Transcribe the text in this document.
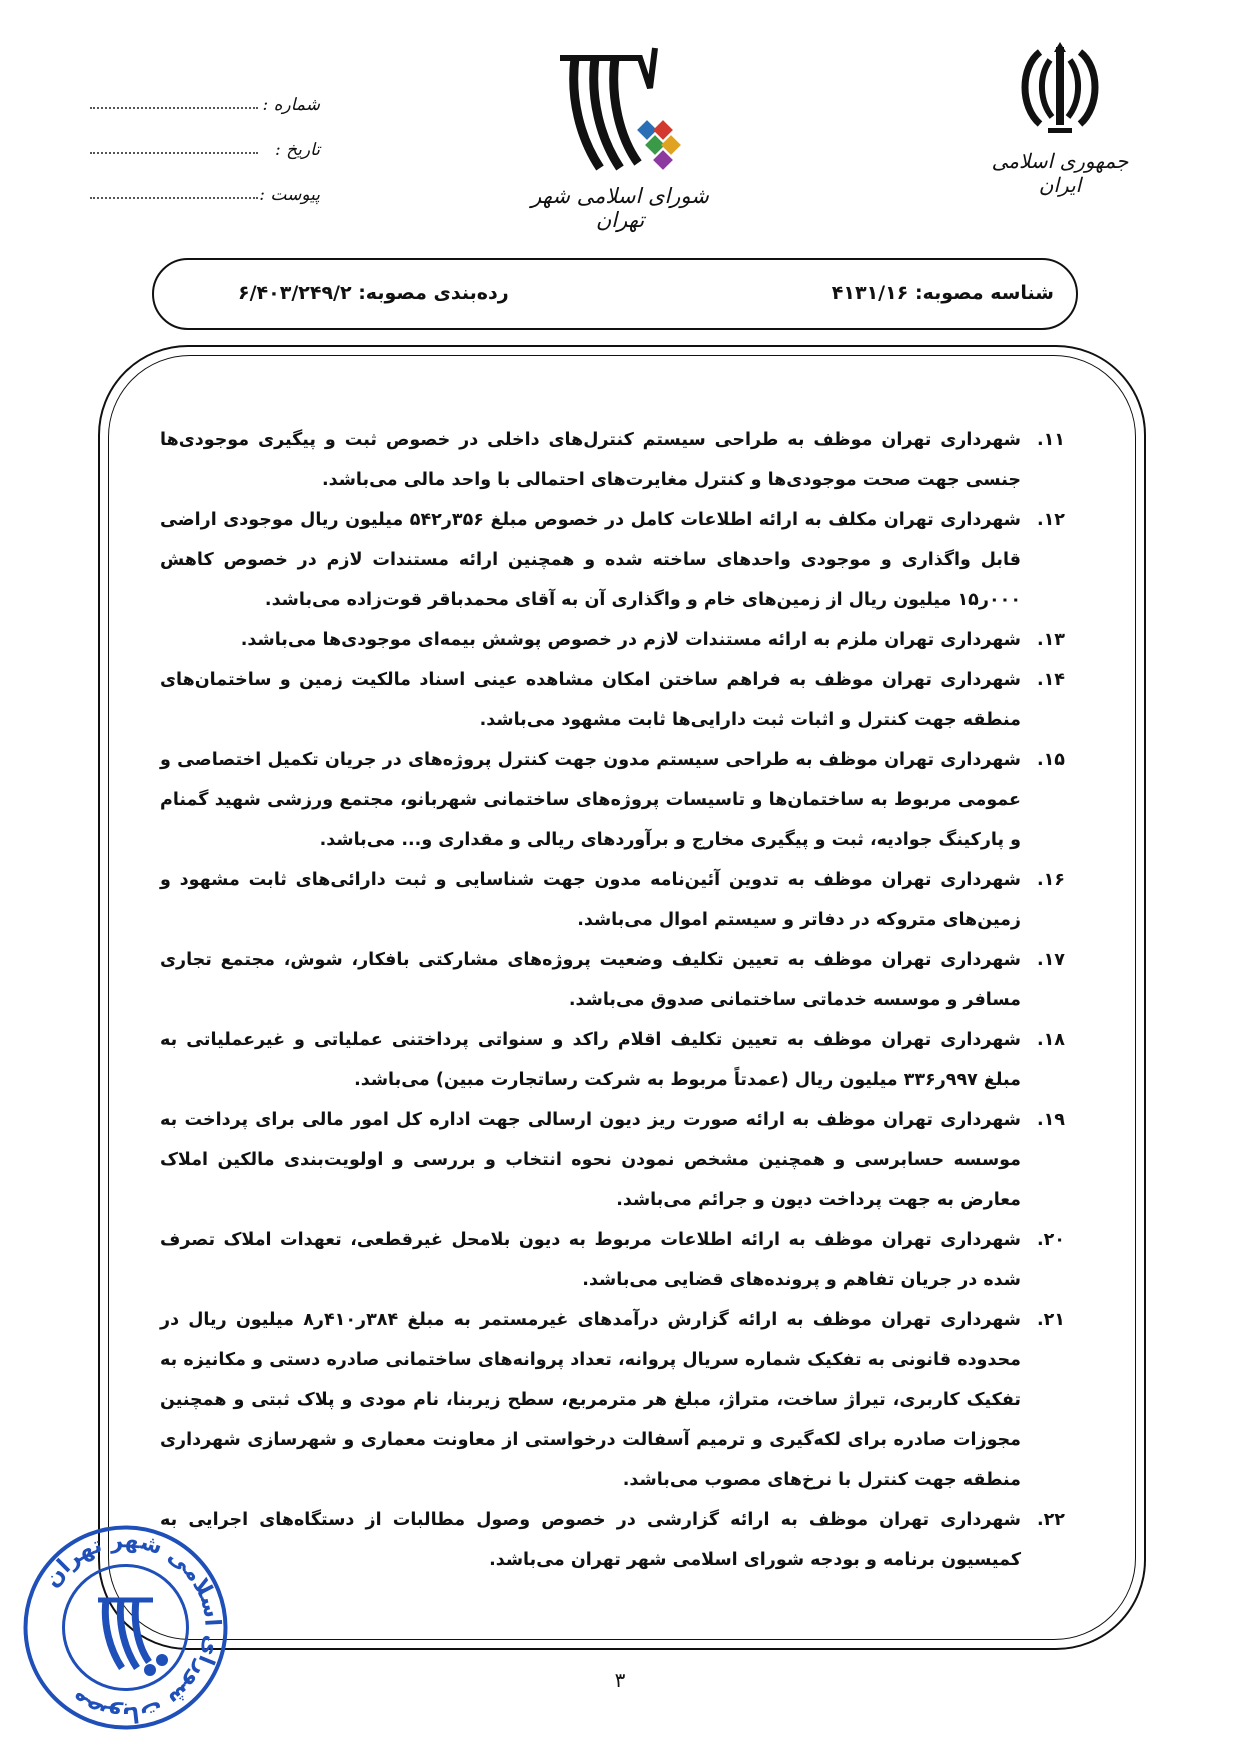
جمهوری اسلامی ایران
شورای اسلامی شهر تهران
شماره :
تاریخ :
پیوست :
شناسه مصوبه: ۴۱۳۱/۱۶
رده‌بندی مصوبه: ۶/۴۰۳/۲۴۹/۲
۱۱.
شهرداری تهران موظف به طراحی سیستم کنترل‌های داخلی در خصوص ثبت و پیگیری موجودی‌ها جنسی جهت صحت موجودی‌ها و کنترل مغایرت‌های احتمالی با واحد مالی می‌باشد.
۱۲.
شهرداری تهران مکلف به ارائه اطلاعات کامل در خصوص مبلغ ۳۵۶ر۵۴۲ میلیون ریال موجودی اراضی قابل واگذاری و موجودی واحدهای ساخته شده و همچنین ارائه مستندات لازم در خصوص کاهش ۰۰۰ر۱۵ میلیون ریال از زمین‌های خام و واگذاری آن به آقای محمدباقر قوت‌زاده می‌باشد.
۱۳.
شهرداری تهران ملزم به ارائه مستندات لازم در خصوص پوشش بیمه‌ای موجودی‌ها می‌باشد.
۱۴.
شهرداری تهران موظف به فراهم ساختن امکان مشاهده عینی اسناد مالکیت زمین و ساختمان‌های منطقه جهت کنترل و اثبات ثبت دارایی‌ها ثابت مشهود می‌باشد.
۱۵.
شهرداری تهران موظف به طراحی سیستم مدون جهت کنترل پروژه‌های در جریان تکمیل اختصاصی و عمومی مربوط به ساختمان‌ها و تاسیسات پروژه‌های ساختمانی شهربانو، مجتمع ورزشی شهید گمنام و پارکینگ جوادیه، ثبت و پیگیری مخارج و برآوردهای ریالی و مقداری و... می‌باشد.
۱۶.
شهرداری تهران موظف به تدوین آئین‌نامه مدون جهت شناسایی و ثبت دارائی‌های ثابت مشهود و زمین‌های متروکه در دفاتر و سیستم اموال می‌باشد.
۱۷.
شهرداری تهران موظف به تعیین تکلیف وضعیت پروژه‌های مشارکتی بافکار، شوش، مجتمع تجاری مسافر و موسسه خدماتی ساختمانی صدوق می‌باشد.
۱۸.
شهرداری تهران موظف به تعیین تکلیف اقلام راکد و سنواتی پرداختنی عملیاتی و غیرعملیاتی به مبلغ ۹۹۷ر۳۳۶ میلیون ریال (عمدتاً مربوط به شرکت رساتجارت مبین) می‌باشد.
۱۹.
شهرداری تهران موظف به ارائه صورت ریز دیون ارسالی جهت اداره کل امور مالی برای پرداخت به موسسه حسابرسی و همچنین مشخص نمودن نحوه انتخاب و بررسی و اولویت‌بندی مالکین املاک معارض به جهت پرداخت دیون و جرائم می‌باشد.
۲۰.
شهرداری تهران موظف به ارائه اطلاعات مربوط به دیون بلامحل غیرقطعی، تعهدات املاک تصرف شده در جریان تفاهم و پرونده‌های قضایی می‌باشد.
۲۱.
شهرداری تهران موظف به ارائه گزارش درآمدهای غیرمستمر به مبلغ ۳۸۴ر۴۱۰ر۸ میلیون ریال در محدوده قانونی به تفکیک شماره سریال پروانه، تعداد پروانه‌های ساختمانی صادره دستی و مکانیزه به تفکیک کاربری، تیراژ ساخت، متراژ، مبلغ هر مترمربع، سطح زیربنا، نام مودی و پلاک ثبتی و همچنین مجوزات صادره برای لکه‌گیری و ترمیم آسفالت درخواستی از معاونت معماری و شهرسازی شهرداری منطقه جهت کنترل با نرخ‌های مصوب می‌باشد.
۲۲.
شهرداری تهران موظف به ارائه گزارشی در خصوص وصول مطالبات از دستگاه‌های اجرایی به کمیسیون برنامه و بودجه شورای اسلامی شهر تهران می‌باشد.
مصوبات شورای اسلامی شهر تهران
۳
